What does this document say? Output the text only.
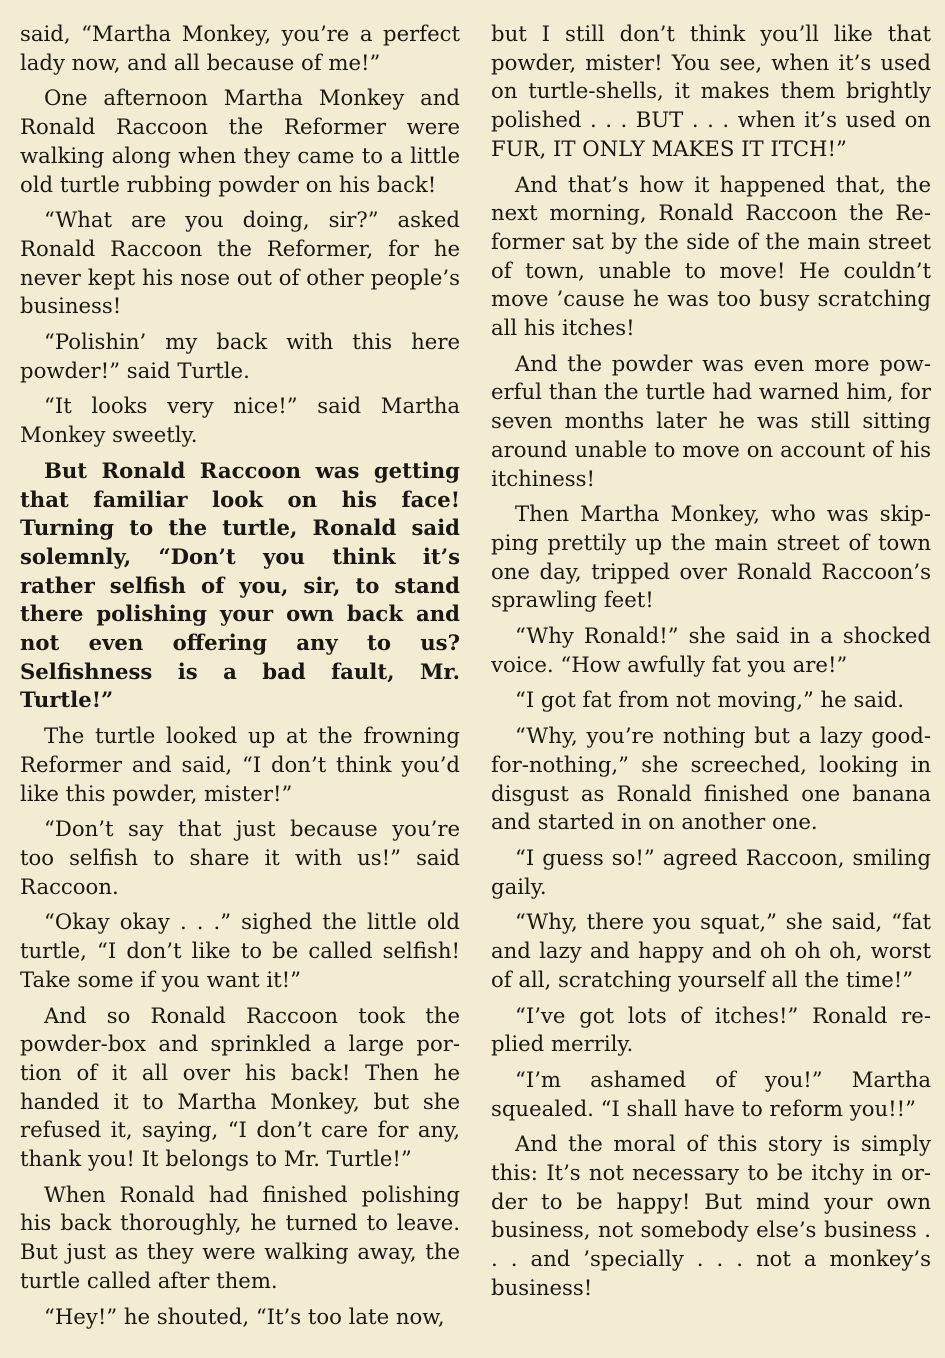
said, “Martha Monkey, you’re a perfect lady now, and all because of me!”

One afternoon Martha Monkey and Ronald Raccoon the Reformer were walking along when they came to a little old turtle rubbing powder on his back!

“What are you doing, sir?” asked Ronald Raccoon the Reformer, for he never kept his nose out of other people’s business!

“Polishin’ my back with this here powder!” said Turtle.

“It looks very nice!” said Martha Monkey sweetly.

But Ronald Raccoon was getting that familiar look on his face! Turning to the turtle, Ronald said solemnly, “Don’t you think it’s rather selfish of you, sir, to stand there polishing your own back and not even offering any to us? Selfishness is a bad fault, Mr. Turtle!”

The turtle looked up at the frowning Reformer and said, “I don’t think you’d like this powder, mister!”

“Don’t say that just because you’re too selfish to share it with us!” said Raccoon.

“Okay okay . . .” sighed the little old turtle, “I don’t like to be called selfish! Take some if you want it!”

And so Ronald Raccoon took the powder-box and sprinkled a large portion of it all over his back! Then he handed it to Martha Monkey, but she refused it, saying, “I don’t care for any, thank you! It belongs to Mr. Turtle!”

When Ronald had finished polishing his back thoroughly, he turned to leave. But just as they were walking away, the turtle called after them.

“Hey!” he shouted, “It’s too late now,

but I still don’t think you’ll like that powder, mister! You see, when it’s used on turtle-shells, it makes them brightly polished . . . BUT . . . when it’s used on FUR, IT ONLY MAKES IT ITCH!”

And that’s how it happened that, the next morning, Ronald Raccoon the Reformer sat by the side of the main street of town, unable to move! He couldn’t move ’cause he was too busy scratching all his itches!

And the powder was even more powerful than the turtle had warned him, for seven months later he was still sitting around unable to move on account of his itchiness!

Then Martha Monkey, who was skipping prettily up the main street of town one day, tripped over Ronald Raccoon’s sprawling feet!

“Why Ronald!” she said in a shocked voice. “How awfully fat you are!”

“I got fat from not moving,” he said.

“Why, you’re nothing but a lazy good-for-nothing,” she screeched, looking in disgust as Ronald finished one banana and started in on another one.

“I guess so!” agreed Raccoon, smiling gaily.

“Why, there you squat,” she said, “fat and lazy and happy and oh oh oh, worst of all, scratching yourself all the time!”

“I’ve got lots of itches!” Ronald replied merrily.

“I’m ashamed of you!” Martha squealed. “I shall have to reform you!!”

And the moral of this story is simply this: It’s not necessary to be itchy in order to be happy! But mind your own business, not somebody else’s business . . . and ’specially . . . not a monkey’s business!
